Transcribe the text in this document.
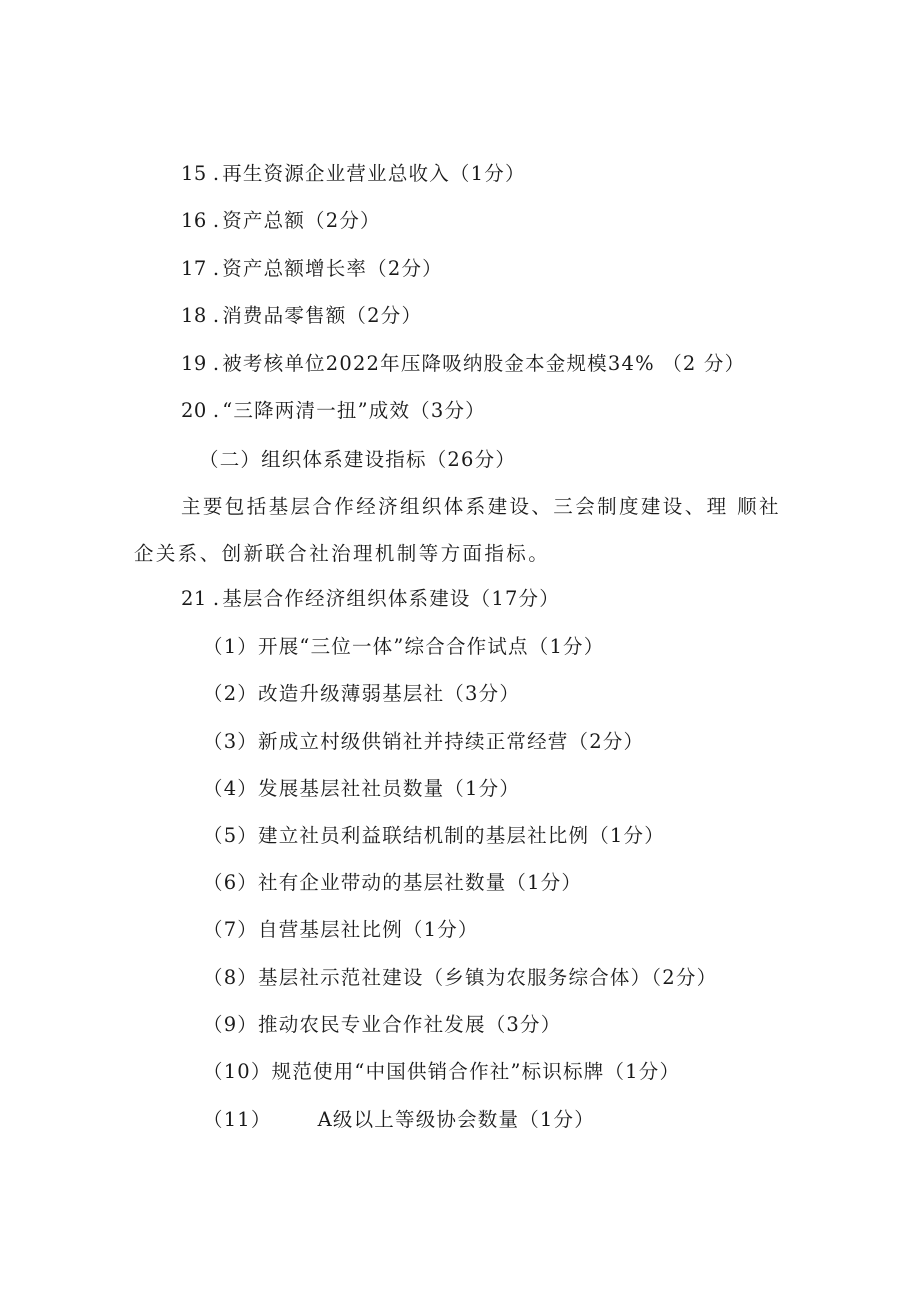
15 . 再生资源企业营业总收入（1分）
16 . 资产总额（2分）
17 . 资产总额增长率（2分）
18 . 消费品零售额（2分）
19 . 被考核单位2022年压降吸纳股金本金规模34% （2 分）
20 . “三降两清一扭”成效（3分）
（二）组织体系建设指标（26分）
主要包括基层合作经济组织体系建设、三会制度建设、理 顺社
企关系、创新联合社治理机制等方面指标。
21 . 基层合作经济组织体系建设（17分）
（1）开展“三位一体”综合合作试点（1分）
（2）改造升级薄弱基层社（3分）
（3）新成立村级供销社并持续正常经营（2分）
（4）发展基层社社员数量（1分）
（5）建立社员利益联结机制的基层社比例（1分）
（6）社有企业带动的基层社数量（1分）
（7）自营基层社比例（1分）
（8）基层社示范社建设（乡镇为农服务综合体）（2分）
（9）推动农民专业合作社发展（3分）
（10）规范使用“中国供销合作社”标识标牌（1分）
（11） A级以上等级协会数量（1分）
